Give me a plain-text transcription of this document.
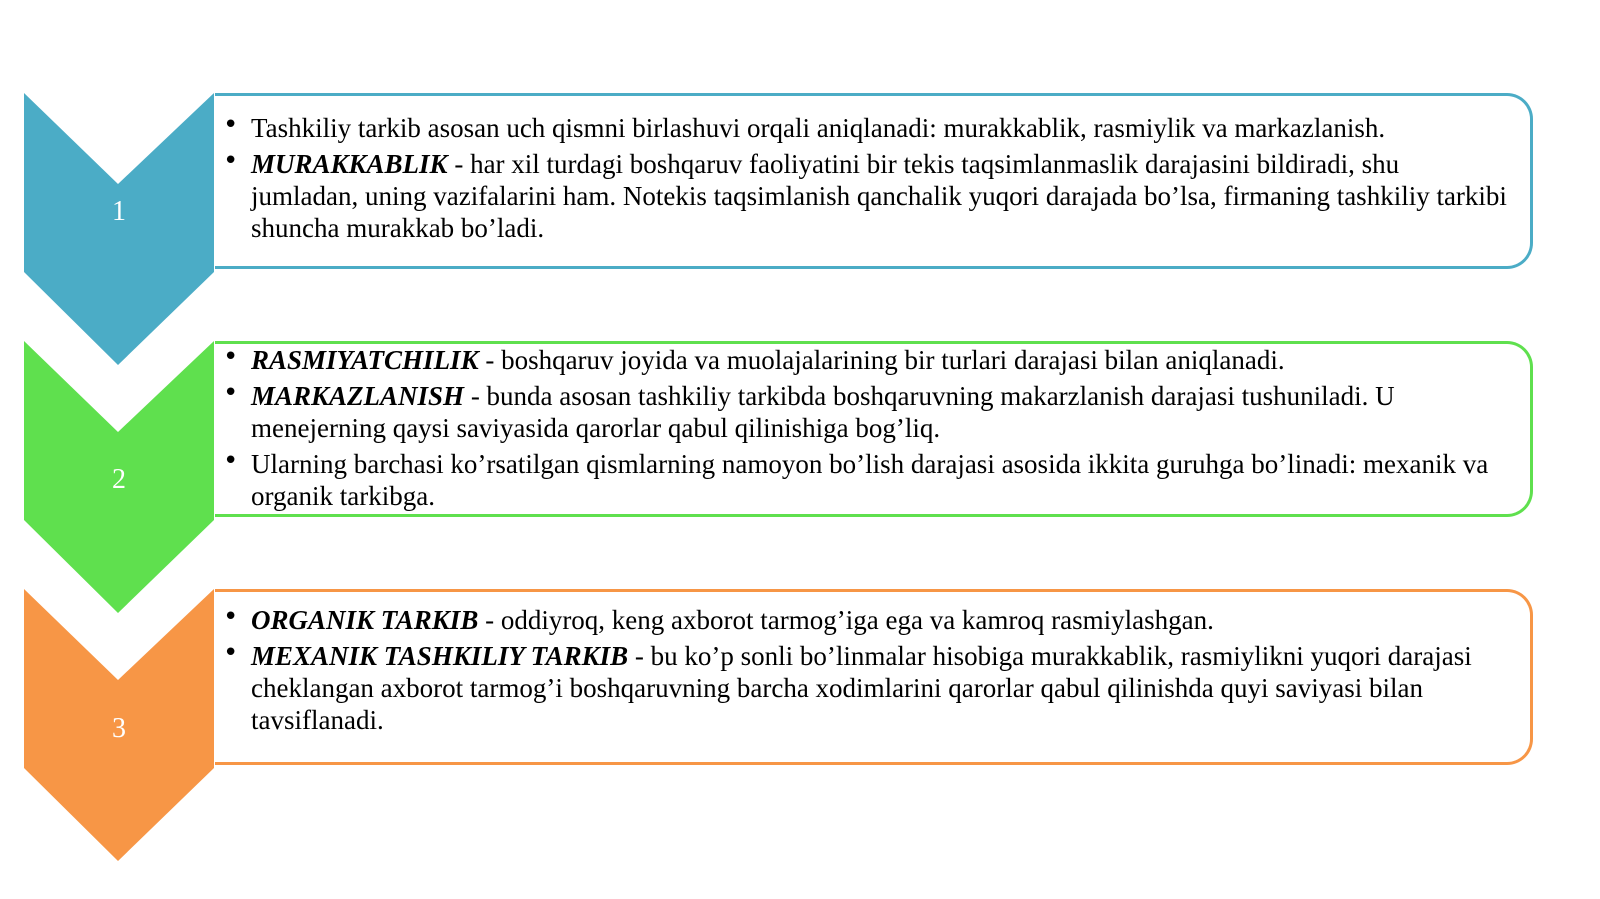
1
2
3
• Tashkiliy tarkib asosan uch qismni birlashuvi orqali aniqlanadi: murakkablik, rasmiylik va markazlanish.
• MURAKKABLIK - har xil turdagi boshqaruv faoliyatini bir tekis taqsimlanmaslik darajasini bildiradi, shu jumladan, uning vazifalarini ham. Notekis taqsimlanish qanchalik yuqori darajada bo’lsa, firmaning tashkiliy tarkibi shuncha murakkab bo’ladi.
• RASMIYATCHILIK - boshqaruv joyida va muolajalarining bir turlari darajasi bilan aniqlanadi.
• MARKAZLANISH - bunda asosan tashkiliy tarkibda boshqaruvning makarzlanish darajasi tushuniladi. U menejerning qaysi saviyasida qarorlar qabul qilinishiga bog’liq.
• Ularning barchasi ko’rsatilgan qismlarning namoyon bo’lish darajasi asosida ikkita guruhga bo’linadi: mexanik va organik tarkibga.
• ORGANIK TARKIB - oddiyroq, keng axborot tarmog’iga ega va kamroq rasmiylashgan.
• MEXANIK TASHKILIY TARKIB - bu ko’p sonli bo’linmalar hisobiga murakkablik, rasmiylikni yuqori darajasi cheklangan axborot tarmog’i boshqaruvning barcha xodimlarini qarorlar qabul qilinishda quyi saviyasi bilan tavsiflanadi.
